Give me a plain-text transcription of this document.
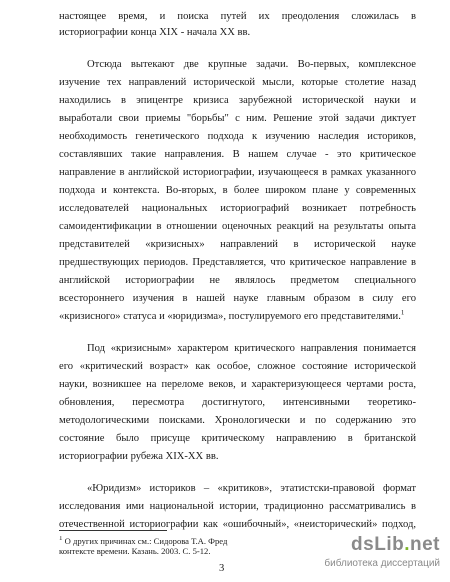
настоящее время, и поиска путей их преодоления сложилась в
историографии конца XIX - начала XX вв.
Отсюда вытекают две крупные задачи. Во-первых, комплексное
изучение тех направлений исторической мысли, которые столетие назад
находились в эпицентре кризиса зарубежной исторической науки и
выработали свои приемы "борьбы" с ним. Решение этой задачи диктует
необходимость генетического подхода к изучению наследия историков,
составлявших такие направления. В нашем случае - это критическое
направление в английской историографии, изучающееся в рамках указанного
подхода и контекста. Во-вторых, в более широком плане у современных
исследователей национальных историографий возникает потребность
самоидентификации в отношении оценочных реакций на результаты опыта
представителей «кризисных» направлений в исторической науке
предшествующих периодов. Представляется, что критическое направление в
английской историографии не являлось предметом специального
всестороннего изучения в нашей науке главным образом в силу его
«кризисного» статуса и «юридизма», постулируемого его представителями.$^1$
Под «кризисным» характером критического направления понимается
его «критический возраст» как особое, сложное состояние исторической
науки, возникшее на переломе веков, и характеризующееся чертами роста,
обновления, пересмотра достигнутого, интенсивными теоретико-
методологическими поисками. Хронологически и по содержанию это
состояние было присуще критическому направлению в британской
историографии рубежа XIX-XX вв.
«Юридизм» историков – «критиков», этатистски-правовой формат
исследования ими национальной истории, традиционно рассматривались в
отечественной историографии как «ошибочный», «неисторический» подход,
$^1$ О других причинах см.: Сидорова Т.А. Фред
контексте времени. Казань. 2003. С. 5-12.
3
dsLib.net
библиотека диссертаций
